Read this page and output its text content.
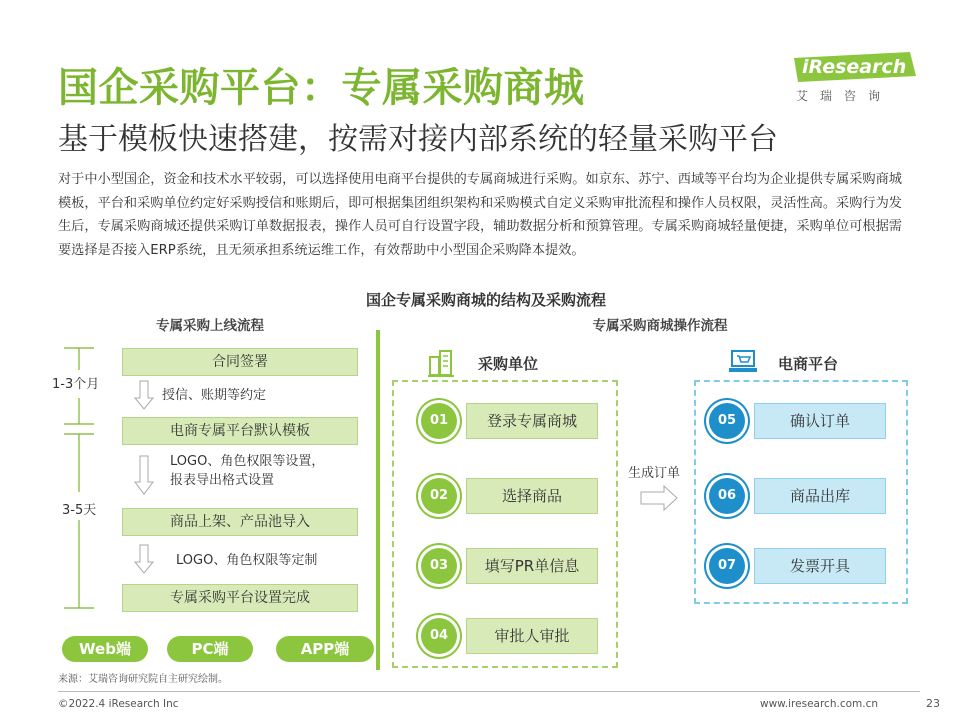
国企采购平台：专属采购商城
基于模板快速搭建，按需对接内部系统的轻量采购平台
iResearch
艾瑞咨询
对于中小型国企，资金和技术水平较弱，可以选择使用电商平台提供的专属商城进行采购。如京东、苏宁、西域等平台均为企业提供专属采购商城模板，平台和采购单位约定好采购授信和账期后，即可根据集团组织架构和采购模式自定义采购审批流程和操作人员权限，灵活性高。采购行为发生后，专属采购商城还提供采购订单数据报表，操作人员可自行设置字段，辅助数据分析和预算管理。专属采购商城轻量便捷，采购单位可根据需要选择是否接入ERP系统，且无须承担系统运维工作，有效帮助中小型国企采购降本提效。
国企专属采购商城的结构及采购流程
专属采购上线流程	专属采购商城操作流程
1-3个月
3-5天
合同签署
授信、账期等约定
电商专属平台默认模板
LOGO、角色权限等设置，
报表导出格式设置
商品上架、产品池导入
LOGO、角色权限等定制
专属采购平台设置完成
Web端	PC端	APP端
采购单位	电商平台
01	登录专属商城
02	选择商品
03	填写PR单信息
04	审批人审批
生成订单
05	确认订单
06	商品出库
07	发票开具
来源：艾瑞咨询研究院自主研究绘制。
©2022.4 iResearch Inc	www.iresearch.com.cn	23
